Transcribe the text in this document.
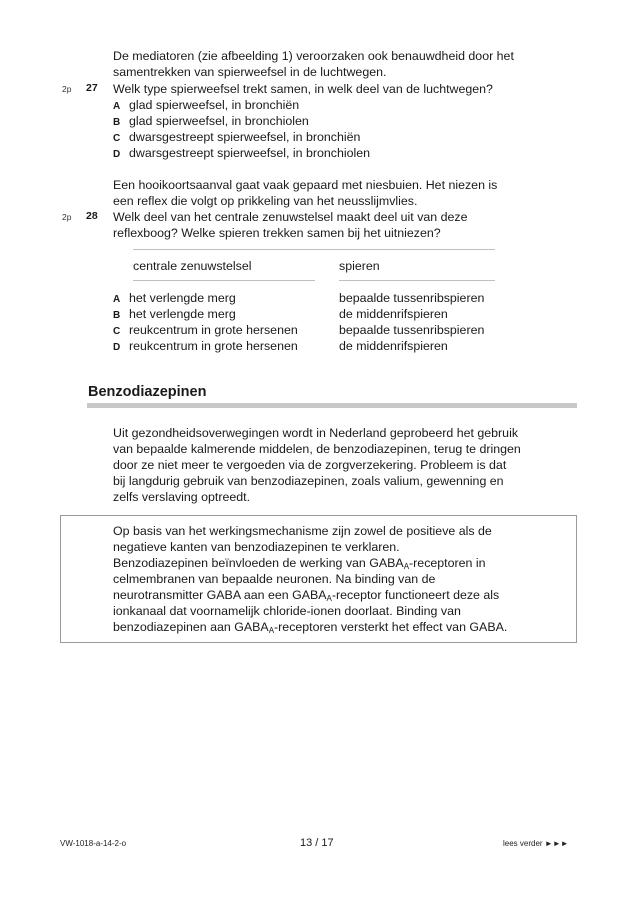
De mediatoren (zie afbeelding 1) veroorzaken ook benauwdheid door het
samentrekken van spierweefsel in de luchtwegen.
2p 27 Welk type spierweefsel trekt samen, in welk deel van de luchtwegen?
A glad spierweefsel, in bronchiën
B glad spierweefsel, in bronchiolen
C dwarsgestreept spierweefsel, in bronchiën
D dwarsgestreept spierweefsel, in bronchiolen
Een hooikoortsaanval gaat vaak gepaard met niesbuien. Het niezen is
een reflex die volgt op prikkeling van het neusslijmvlies.
2p 28 Welk deel van het centrale zenuwstelsel maakt deel uit van deze
reflexboog? Welke spieren trekken samen bij het uitniezen?
centrale zenuwstelsel	spieren
A het verlengde merg	bepaalde tussenribspieren
B het verlengde merg	de middenrifspieren
C reukcentrum in grote hersenen	bepaalde tussenribspieren
D reukcentrum in grote hersenen	de middenrifspieren
Benzodiazepinen
Uit gezondheidsoverwegingen wordt in Nederland geprobeerd het gebruik
van bepaalde kalmerende middelen, de benzodiazepinen, terug te dringen
door ze niet meer te vergoeden via de zorgverzekering. Probleem is dat
bij langdurig gebruik van benzodiazepinen, zoals valium, gewenning en
zelfs verslaving optreedt.
Op basis van het werkingsmechanisme zijn zowel de positieve als de
negatieve kanten van benzodiazepinen te verklaren.
Benzodiazepinen beïnvloeden de werking van $GABA_A$-receptoren in
celmembranen van bepaalde neuronen. Na binding van de
neurotransmitter GABA aan een $GABA_A$-receptor functioneert deze als
ionkanaal dat voornamelijk chloride-ionen doorlaat. Binding van
benzodiazepinen aan $GABA_A$-receptoren versterkt het effect van GABA.
VW-1018-a-14-2-o	13 / 17	lees verder ►►►
